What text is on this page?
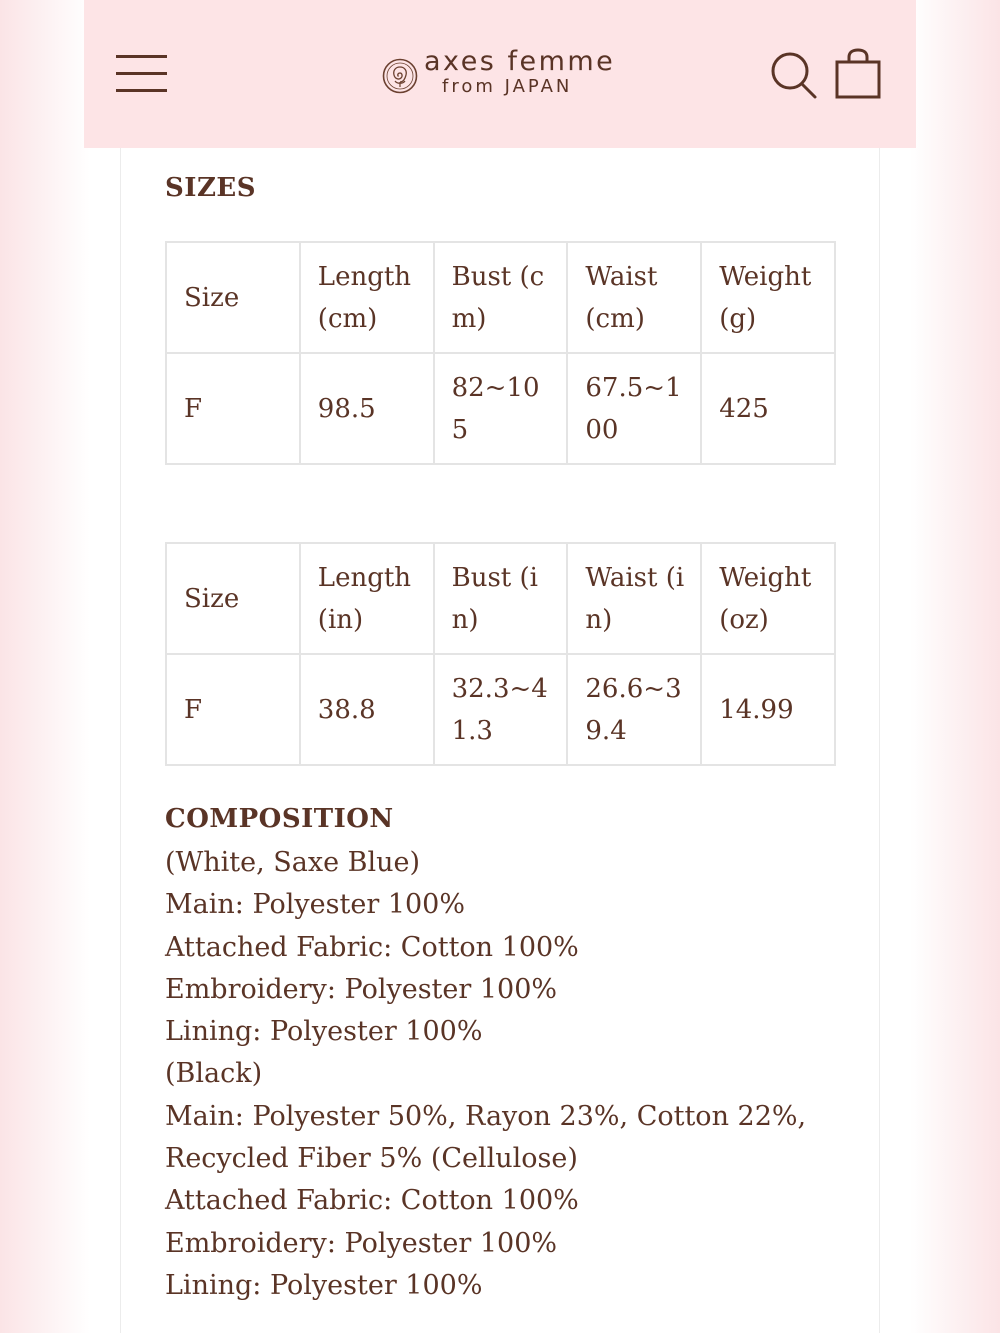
axes femme
from JAPAN
SIZES
Size	Length (cm)	Bust (cm)	Waist (cm)	Weight (g)
F	98.5	82~105	67.5~100	425
Size	Length (in)	Bust (in)	Waist (in)	Weight (oz)
F	38.8	32.3~41.3	26.6~39.4	14.99
COMPOSITION
(White, Saxe Blue)
Main: Polyester 100%
Attached Fabric: Cotton 100%
Embroidery: Polyester 100%
Lining: Polyester 100%
(Black)
Main: Polyester 50%, Rayon 23%, Cotton 22%,
Recycled Fiber 5% (Cellulose)
Attached Fabric: Cotton 100%
Embroidery: Polyester 100%
Lining: Polyester 100%
